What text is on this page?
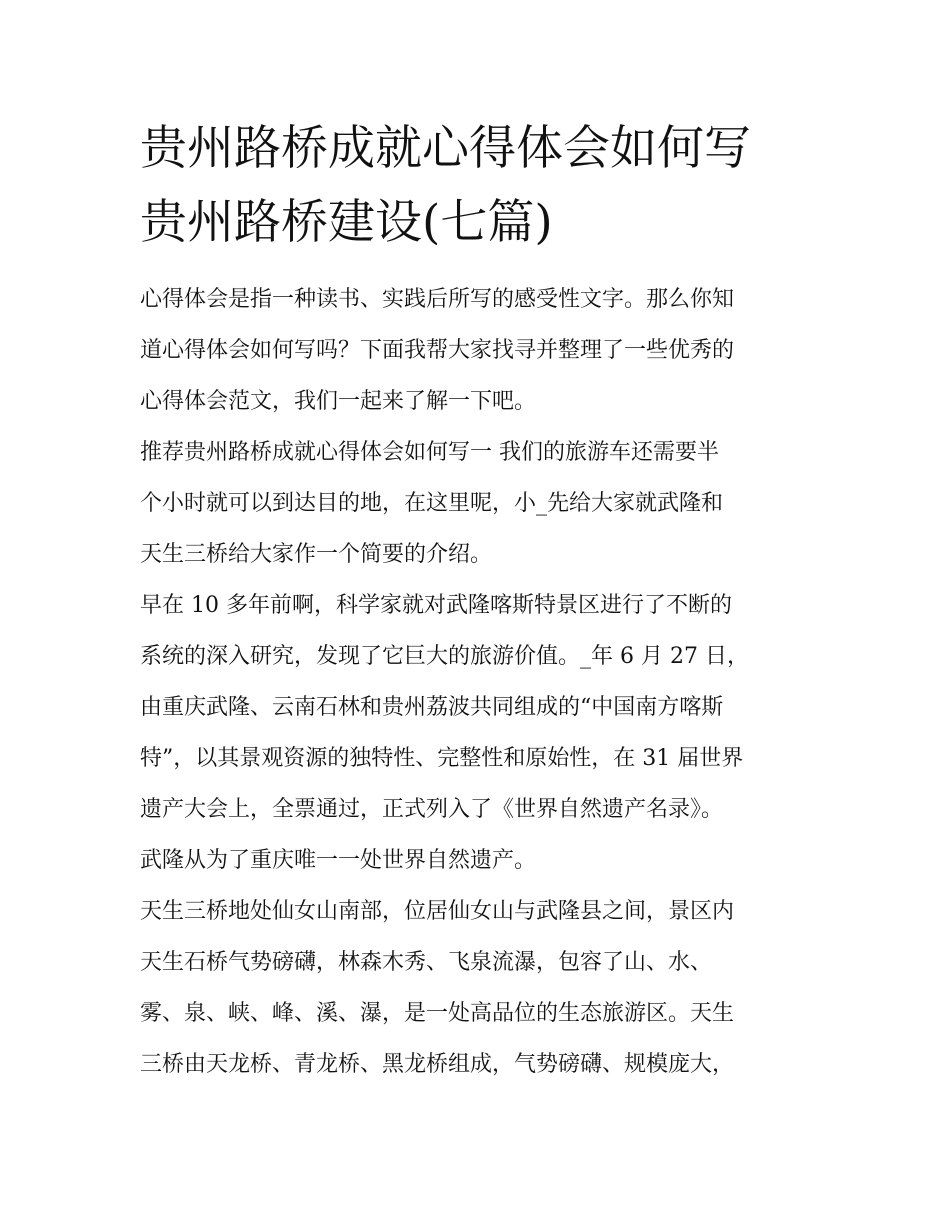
贵州路桥成就心得体会如何写
贵州路桥建设(七篇)
心得体会是指一种读书、实践后所写的感受性文字。那么你知
道心得体会如何写吗？下面我帮大家找寻并整理了一些优秀的
心得体会范文，我们一起来了解一下吧。
推荐贵州路桥成就心得体会如何写一 我们的旅游车还需要半
个小时就可以到达目的地，在这里呢，小_先给大家就武隆和
天生三桥给大家作一个简要的介绍。
早在 10 多年前啊，科学家就对武隆喀斯特景区进行了不断的
系统的深入研究，发现了它巨大的旅游价值。_年 6 月 27 日，
由重庆武隆、云南石林和贵州荔波共同组成的“中国南方喀斯
特”，以其景观资源的独特性、完整性和原始性，在 31 届世界
遗产大会上，全票通过，正式列入了《世界自然遗产名录》。
武隆从为了重庆唯一一处世界自然遗产。
天生三桥地处仙女山南部，位居仙女山与武隆县之间，景区内
天生石桥气势磅礴，林森木秀、飞泉流瀑，包容了山、水、
雾、泉、峡、峰、溪、瀑，是一处高品位的生态旅游区。天生
三桥由天龙桥、青龙桥、黑龙桥组成，气势磅礴、规模庞大，
